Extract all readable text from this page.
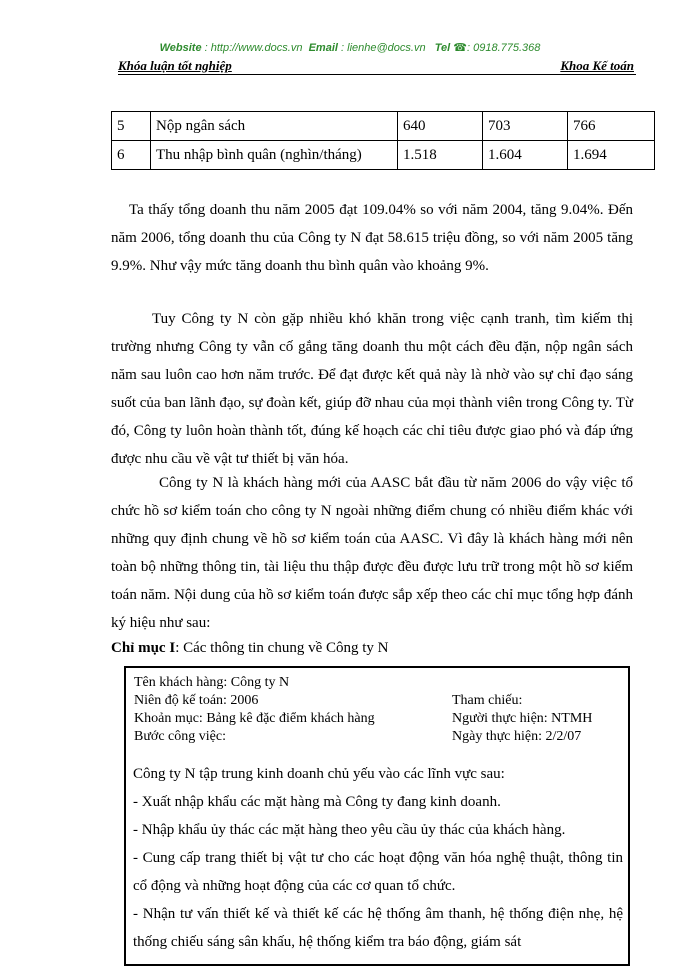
Website : http://www.docs.vn Email : lienhe@docs.vn Tel ☎: 0918.775.368
Khóa luận tốt nghiệp	Khoa Kế toán
5	Nộp ngân sách	640	703	766
6	Thu nhập bình quân (nghìn/tháng)	1.518	1.604	1.694

Ta thấy tổng doanh thu năm 2005 đạt 109.04% so với năm 2004, tăng 9.04%. Đến năm 2006, tổng doanh thu của Công ty N đạt 58.615 triệu đồng, so với năm 2005 tăng 9.9%. Như vậy mức tăng doanh thu bình quân vào khoảng 9%.

Tuy Công ty N còn gặp nhiều khó khăn trong việc cạnh tranh, tìm kiếm thị trường nhưng Công ty vẫn cố gắng tăng doanh thu một cách đều đặn, nộp ngân sách năm sau luôn cao hơn năm trước. Để đạt được kết quả này là nhờ vào sự chỉ đạo sáng suốt của ban lãnh đạo, sự đoàn kết, giúp đỡ nhau của mọi thành viên trong Công ty. Từ đó, Công ty luôn hoàn thành tốt, đúng kế hoạch các chỉ tiêu được giao phó và đáp ứng được nhu cầu về vật tư thiết bị văn hóa.

Công ty N là khách hàng mới của AASC bắt đầu từ năm 2006 do vậy việc tổ chức hồ sơ kiểm toán cho công ty N ngoài những điểm chung có nhiều điểm khác với những quy định chung về hồ sơ kiểm toán của AASC. Vì đây là khách hàng mới nên toàn bộ những thông tin, tài liệu thu thập được đều được lưu trữ trong một hồ sơ kiểm toán năm. Nội dung của hồ sơ kiểm toán được sắp xếp theo các chỉ mục tổng hợp đánh ký hiệu như sau:

Chỉ mục I: Các thông tin chung về Công ty N
Tên khách hàng: Công ty N
Niên độ kế toán: 2006
Khoản mục: Bảng kê đặc điểm khách hàng
Bước công việc:
Tham chiếu:
Người thực hiện: NTMH
Ngày thực hiện: 2/2/07

Công ty N tập trung kinh doanh chủ yếu vào các lĩnh vực sau:

- Xuất nhập khẩu các mặt hàng mà Công ty đang kinh doanh.

- Nhập khẩu ủy thác các mặt hàng theo yêu cầu ủy thác của khách hàng.

- Cung cấp trang thiết bị vật tư cho các hoạt động văn hóa nghệ thuật, thông tin cổ động và những hoạt động của các cơ quan tổ chức.

- Nhận tư vấn thiết kế và thiết kế các hệ thống âm thanh, hệ thống điện nhẹ, hệ thống chiếu sáng sân khấu, hệ thống kiểm tra báo động, giám sát
